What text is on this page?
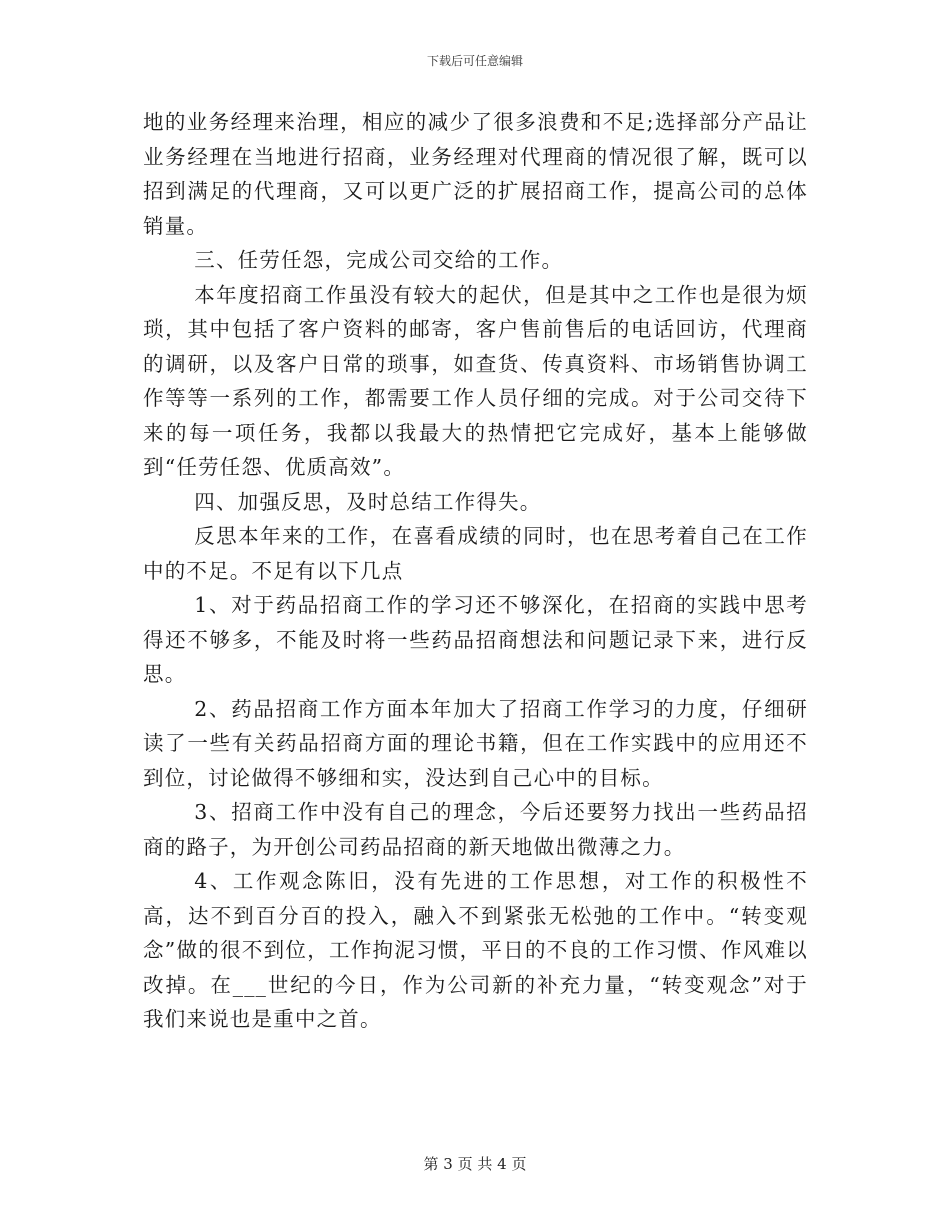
下载后可任意编辑

地的业务经理来治理，相应的减少了很多浪费和不足;选择部分产品让业务经理在当地进行招商，业务经理对代理商的情况很了解，既可以招到满足的代理商，又可以更广泛的扩展招商工作，提高公司的总体销量。

三、任劳任怨，完成公司交给的工作。

本年度招商工作虽没有较大的起伏，但是其中之工作也是很为烦琐，其中包括了客户资料的邮寄，客户售前售后的电话回访，代理商的调研，以及客户日常的琐事，如查货、传真资料、市场销售协调工作等等一系列的工作，都需要工作人员仔细的完成。对于公司交待下来的每一项任务，我都以我最大的热情把它完成好，基本上能够做到“任劳任怨、优质高效”。

四、加强反思，及时总结工作得失。

反思本年来的工作，在喜看成绩的同时，也在思考着自己在工作中的不足。不足有以下几点

1、对于药品招商工作的学习还不够深化，在招商的实践中思考得还不够多，不能及时将一些药品招商想法和问题记录下来，进行反思。

2、药品招商工作方面本年加大了招商工作学习的力度，仔细研读了一些有关药品招商方面的理论书籍，但在工作实践中的应用还不到位，讨论做得不够细和实，没达到自己心中的目标。

3、招商工作中没有自己的理念，今后还要努力找出一些药品招商的路子，为开创公司药品招商的新天地做出微薄之力。

4、工作观念陈旧，没有先进的工作思想，对工作的积极性不高，达不到百分百的投入，融入不到紧张无松弛的工作中。“转变观念”做的很不到位，工作拘泥习惯，平日的不良的工作习惯、作风难以改掉。在___世纪的今日，作为公司新的补充力量，“转变观念”对于我们来说也是重中之首。

第 3 页 共 4 页
